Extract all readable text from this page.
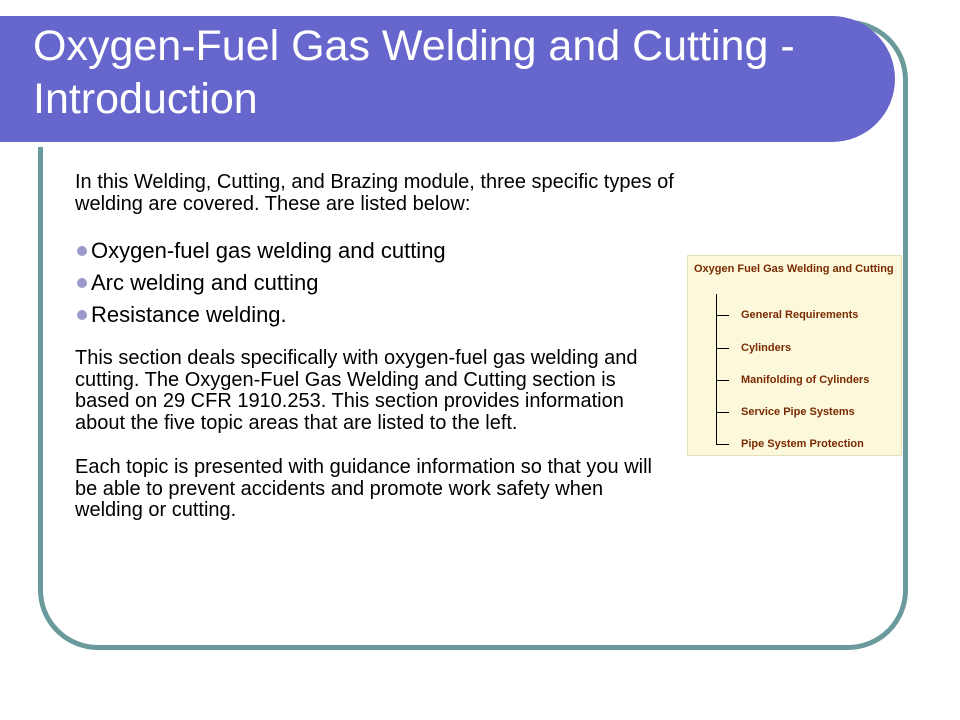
Oxygen-Fuel Gas Welding and Cutting - Introduction

In this Welding, Cutting, and Brazing module, three specific types of welding are covered. These are listed below:

Oxygen-fuel gas welding and cutting
Arc welding and cutting
Resistance welding.

This section deals specifically with oxygen-fuel gas welding and cutting. The Oxygen-Fuel Gas Welding and Cutting section is based on 29 CFR 1910.253. This section provides information about the five topic areas that are listed to the left.

Each topic is presented with guidance information so that you will be able to prevent accidents and promote work safety when welding or cutting.

Oxygen Fuel Gas Welding and Cutting

General Requirements
Cylinders
Manifolding of Cylinders
Service Pipe Systems
Pipe System Protection
